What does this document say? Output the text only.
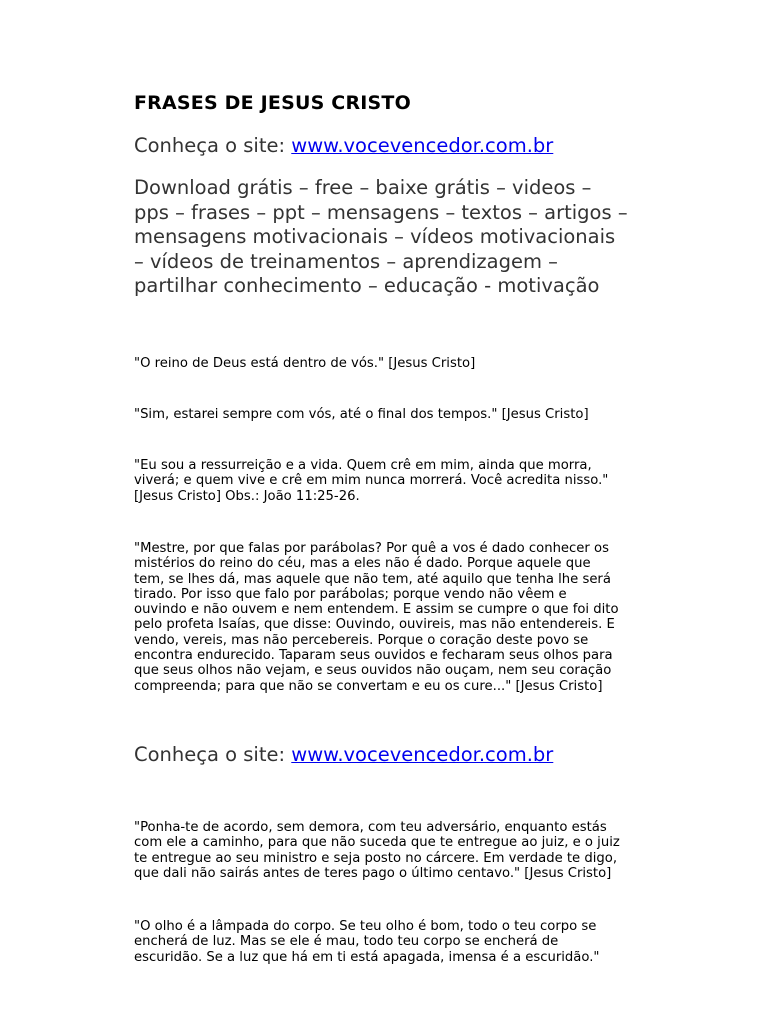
FRASES DE JESUS CRISTO
Conheça o site: www.vocevencedor.com.br
Download grátis – free – baixe grátis – videos –
pps – frases – ppt – mensagens – textos – artigos –
mensagens motivacionais – vídeos motivacionais
– vídeos de treinamentos – aprendizagem –
partilhar conhecimento – educação - motivação
"O reino de Deus está dentro de vós." [Jesus Cristo]
"Sim, estarei sempre com vós, até o final dos tempos." [Jesus Cristo]
"Eu sou a ressurreição e a vida. Quem crê em mim, ainda que morra,
viverá; e quem vive e crê em mim nunca morrerá. Você acredita nisso."
[Jesus Cristo] Obs.: João 11:25-26.
"Mestre, por que falas por parábolas? Por quê a vos é dado conhecer os
mistérios do reino do céu, mas a eles não é dado. Porque aquele que
tem, se lhes dá, mas aquele que não tem, até aquilo que tenha lhe será
tirado. Por isso que falo por parábolas; porque vendo não vêem e
ouvindo e não ouvem e nem entendem. E assim se cumpre o que foi dito
pelo profeta Isaías, que disse: Ouvindo, ouvireis, mas não entendereis. E
vendo, vereis, mas não percebereis. Porque o coração deste povo se
encontra endurecido. Taparam seus ouvidos e fecharam seus olhos para
que seus olhos não vejam, e seus ouvidos não ouçam, nem seu coração
compreenda; para que não se convertam e eu os cure..." [Jesus Cristo]
Conheça o site: www.vocevencedor.com.br
"Ponha-te de acordo, sem demora, com teu adversário, enquanto estás
com ele a caminho, para que não suceda que te entregue ao juiz, e o juiz
te entregue ao seu ministro e seja posto no cárcere. Em verdade te digo,
que dali não sairás antes de teres pago o último centavo." [Jesus Cristo]
"O olho é a lâmpada do corpo. Se teu olho é bom, todo o teu corpo se
encherá de luz. Mas se ele é mau, todo teu corpo se encherá de
escuridão. Se a luz que há em ti está apagada, imensa é a escuridão."
